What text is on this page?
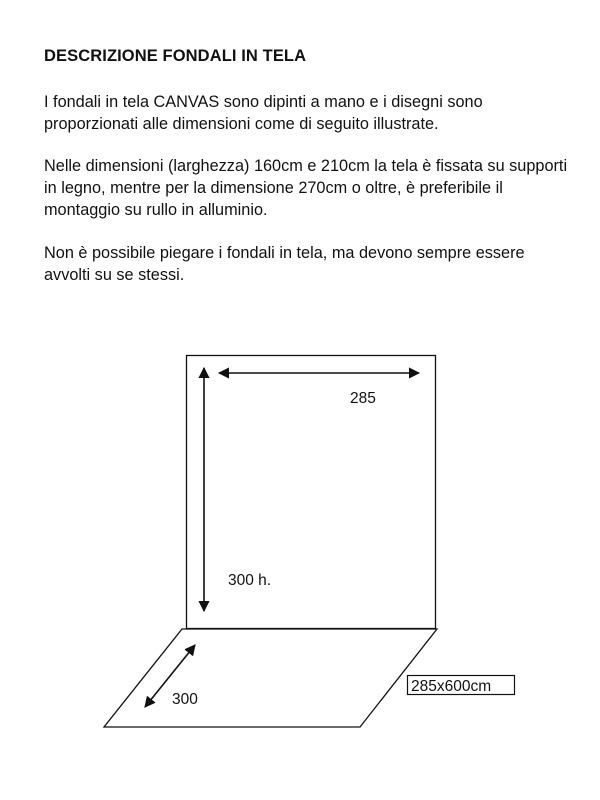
DESCRIZIONE FONDALI IN TELA

I fondali in tela CANVAS sono dipinti a mano e i disegni sono proporzionati alle dimensioni come di seguito illustrate.

Nelle dimensioni (larghezza) 160cm e 210cm la tela è fissata su supporti in legno, mentre per la dimensione 270cm o oltre, è preferibile il montaggio su rullo in alluminio.

Non è possibile piegare i fondali in tela, ma devono sempre essere avvolti su se stessi.

285
300 h.
300
285x600cm
